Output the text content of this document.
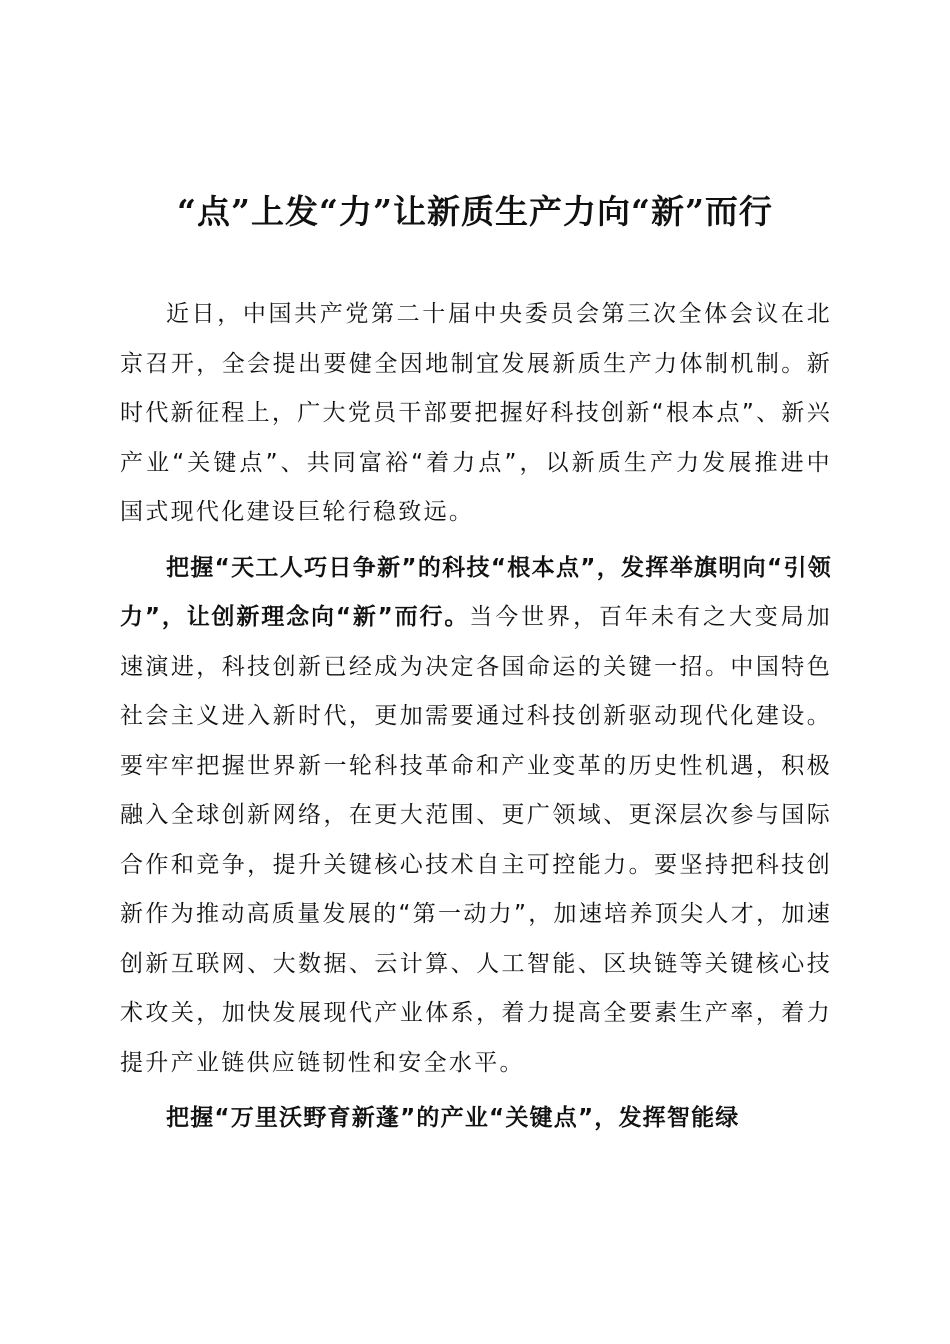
“点”上发“力”让新质生产力向“新”而行

近日，中国共产党第二十届中央委员会第三次全体会议在北京召开，全会提出要健全因地制宜发展新质生产力体制机制。新时代新征程上，广大党员干部要把握好科技创新“根本点”、新兴产业“关键点”、共同富裕“着力点”，以新质生产力发展推进中国式现代化建设巨轮行稳致远。

把握“天工人巧日争新”的科技“根本点”，发挥举旗明向“引领力”，让创新理念向“新”而行。当今世界，百年未有之大变局加速演进，科技创新已经成为决定各国命运的关键一招。中国特色社会主义进入新时代，更加需要通过科技创新驱动现代化建设。要牢牢把握世界新一轮科技革命和产业变革的历史性机遇，积极融入全球创新网络，在更大范围、更广领域、更深层次参与国际合作和竞争，提升关键核心技术自主可控能力。要坚持把科技创新作为推动高质量发展的“第一动力”，加速培养顶尖人才，加速创新互联网、大数据、云计算、人工智能、区块链等关键核心技术攻关，加快发展现代产业体系，着力提高全要素生产率，着力提升产业链供应链韧性和安全水平。

把握“万里沃野育新蓬”的产业“关键点”，发挥智能绿
